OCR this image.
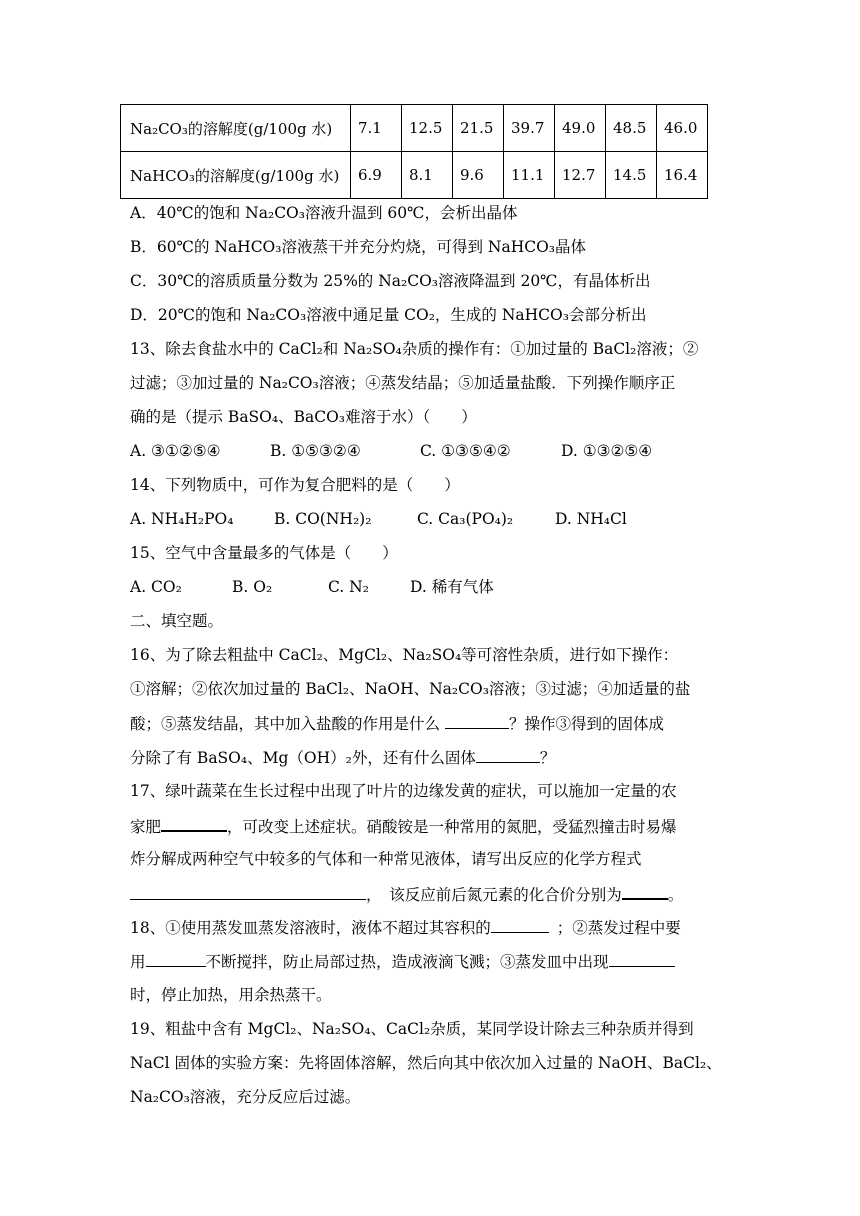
Na₂CO₃的溶解度(g/100g 水)	7.1	12.5	21.5	39.7	49.0	48.5	46.0
NaHCO₃的溶解度(g/100g 水)	6.9	8.1	9.6	11.1	12.7	14.5	16.4
A．40℃的饱和 Na₂CO₃溶液升温到 60℃，会析出晶体
B．60℃的 NaHCO₃溶液蒸干并充分灼烧，可得到 NaHCO₃晶体
C．30℃的溶质质量分数为 25%的 Na₂CO₃溶液降温到 20℃，有晶体析出
D．20℃的饱和 Na₂CO₃溶液中通足量 CO₂，生成的 NaHCO₃会部分析出
13、除去食盐水中的 CaCl₂和 Na₂SO₄杂质的操作有：①加过量的 BaCl₂溶液；②
过滤；③加过量的 Na₂CO₃溶液；④蒸发结晶；⑤加适量盐酸．下列操作顺序正
确的是（提示 BaSO₄、BaCO₃难溶于水）（　　）
A. ③①②⑤④	B. ①⑤③②④	C. ①③⑤④②	D. ①③②⑤④
14、下列物质中，可作为复合肥料的是（　　）
A. NH₄H₂PO₄	B. CO(NH₂)₂	C. Ca₃(PO₄)₂	D. NH₄Cl
15、空气中含量最多的气体是（　　）
A. CO₂	B. O₂	C. N₂	D. 稀有气体
二、填空题。
16、为了除去粗盐中 CaCl₂、MgCl₂、Na₂SO₄等可溶性杂质，进行如下操作：
①溶解；②依次加过量的 BaCl₂、NaOH、Na₂CO₃溶液；③过滤；④加适量的盐
酸；⑤蒸发结晶，其中加入盐酸的作用是什么	？操作③得到的固体成
分除了有 BaSO₄、Mg（OH）₂外，还有什么固体	？
17、绿叶蔬菜在生长过程中出现了叶片的边缘发黄的症状，可以施加一定量的农
家肥	，可改变上述症状。硝酸铵是一种常用的氮肥，受猛烈撞击时易爆
炸分解成两种空气中较多的气体和一种常见液体，请写出反应的化学方程式
，　该反应前后氮元素的化合价分别为	。
18、①使用蒸发皿蒸发溶液时，液体不超过其容积的	；②蒸发过程中要
用	不断搅拌，防止局部过热，造成液滴飞溅；③蒸发皿中出现
时，停止加热，用余热蒸干。
19、粗盐中含有 MgCl₂、Na₂SO₄、CaCl₂杂质，某同学设计除去三种杂质并得到
NaCl 固体的实验方案：先将固体溶解，然后向其中依次加入过量的 NaOH、BaCl₂、
Na₂CO₃溶液，充分反应后过滤。
